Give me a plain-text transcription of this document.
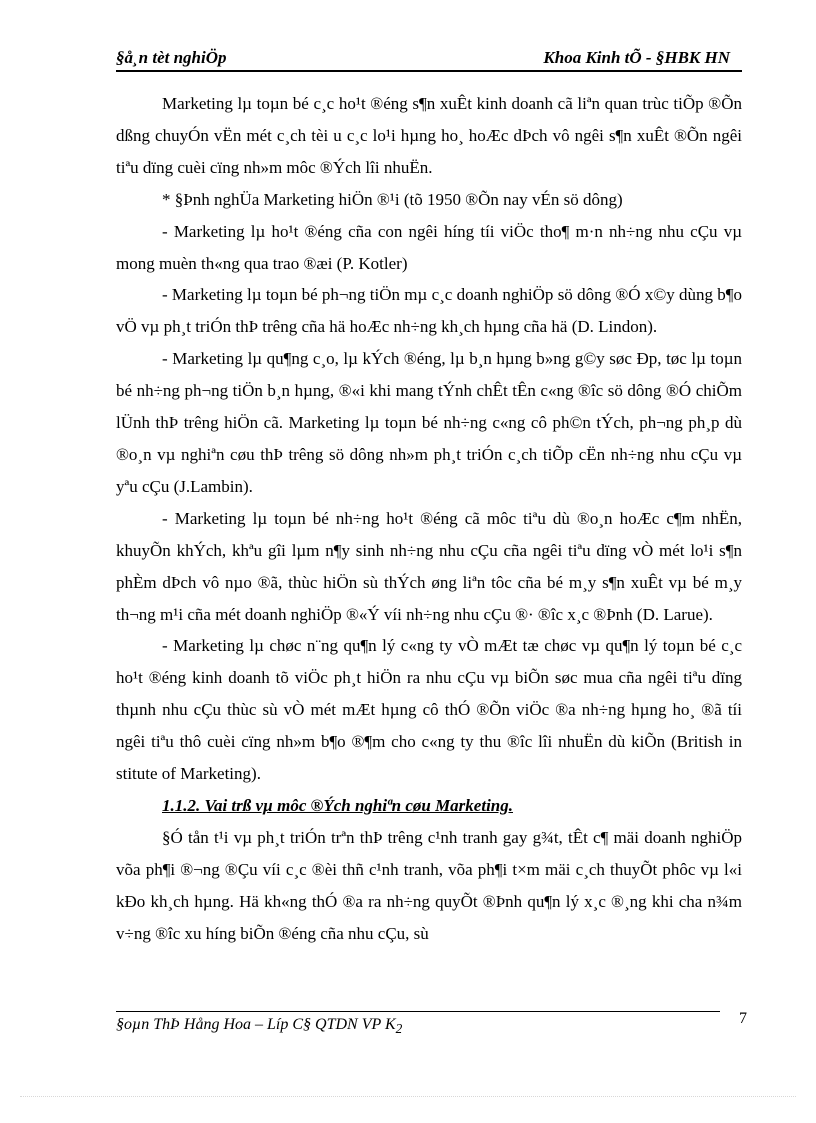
§å¸n tèt nghiÖp	Khoa Kinh tÕ - §HBK HN

Marketing lµ toµn bé c¸c ho¹t ®éng s¶n xuÊt kinh doanh cã liªn quan trùc tiÕp ®Õn dßng chuyÓn vËn mét c¸ch tèi u c¸c lo¹i hµng ho¸ hoÆc dÞch vô ngêi s¶n xuÊt ®Õn ngêi tiªu dïng cuèi cïng nh»m môc ®Ých lîi nhuËn.

* §Þnh nghÜa Marketing hiÖn ®¹i (tõ 1950 ®Õn nay vÉn sö dông)

- Marketing lµ ho¹t ®éng cña con ngêi híng tíi viÖc tho¶ m·n nh÷ng nhu cÇu vµ mong muèn th«ng qua trao ®æi (P. Kotler)

- Marketing lµ toµn bé ph¬ng tiÖn mµ c¸c doanh nghiÖp sö dông ®Ó x©y dùng b¶o vÖ vµ ph¸t triÓn thÞ trêng cña hä hoÆc nh÷ng kh¸ch hµng cña hä (D. Lindon).

- Marketing lµ qu¶ng c¸o, lµ kÝch ®éng, lµ b¸n hµng b»ng g©y søc Ðp, tøc lµ toµn bé nh÷ng ph¬ng tiÖn b¸n hµng, ®«i khi mang tÝnh chÊt tÊn c«ng ®îc sö dông ®Ó chiÕm lÜnh thÞ trêng hiÖn cã. Marketing lµ toµn bé nh÷ng c«ng cô ph©n tÝch, ph¬ng ph¸p dù ®o¸n vµ nghiªn cøu thÞ trêng sö dông nh»m ph¸t triÓn c¸ch tiÕp cËn nh÷ng nhu cÇu vµ yªu cÇu (J.Lambin).

- Marketing lµ toµn bé nh÷ng ho¹t ®éng cã môc tiªu dù ®o¸n hoÆc c¶m nhËn, khuyÕn khÝch, khªu gîi lµm n¶y sinh nh÷ng nhu cÇu cña ngêi tiªu dïng vÒ mét lo¹i s¶n phÈm dÞch vô nµo ®ã, thùc hiÖn sù thÝch øng liªn tôc cña bé m¸y s¶n xuÊt vµ bé m¸y th¬ng m¹i cña mét doanh nghiÖp ®«Ý víi nh÷ng nhu cÇu ®· ®îc x¸c ®Þnh (D. Larue).

- Marketing lµ chøc n¨ng qu¶n lý c«ng ty vÒ mÆt tæ chøc vµ qu¶n lý toµn bé c¸c ho¹t ®éng kinh doanh tõ viÖc ph¸t hiÖn ra nhu cÇu vµ biÕn søc mua cña ngêi tiªu dïng thµnh nhu cÇu thùc sù vÒ mét mÆt hµng cô thÓ ®Õn viÖc ®a nh÷ng hµng ho¸ ®ã tíi ngêi tiªu thô cuèi cïng nh»m b¶o ®¶m cho c«ng ty thu ®îc lîi nhuËn dù kiÕn (British in stitute of Marketing).

1.1.2. Vai trß vµ môc ®Ých nghiªn cøu Marketing.

§Ó tån t¹i vµ ph¸t triÓn trªn thÞ trêng c¹nh tranh gay g¾t, tÊt c¶ mäi doanh nghiÖp võa ph¶i ®¬ng ®Çu víi c¸c ®èi thñ c¹nh tranh, võa ph¶i t×m mäi c¸ch thuyÕt phôc vµ l«i kÐo kh¸ch hµng. Hä kh«ng thÓ ®a ra nh÷ng quyÕt ®Þnh qu¶n lý x¸c ®¸ng khi cha n¾m v÷ng ®îc xu híng biÕn ®éng cña nhu cÇu, sù

§oµn ThÞ Hång Hoa – Líp C§ QTDN VP $K_2$
7
